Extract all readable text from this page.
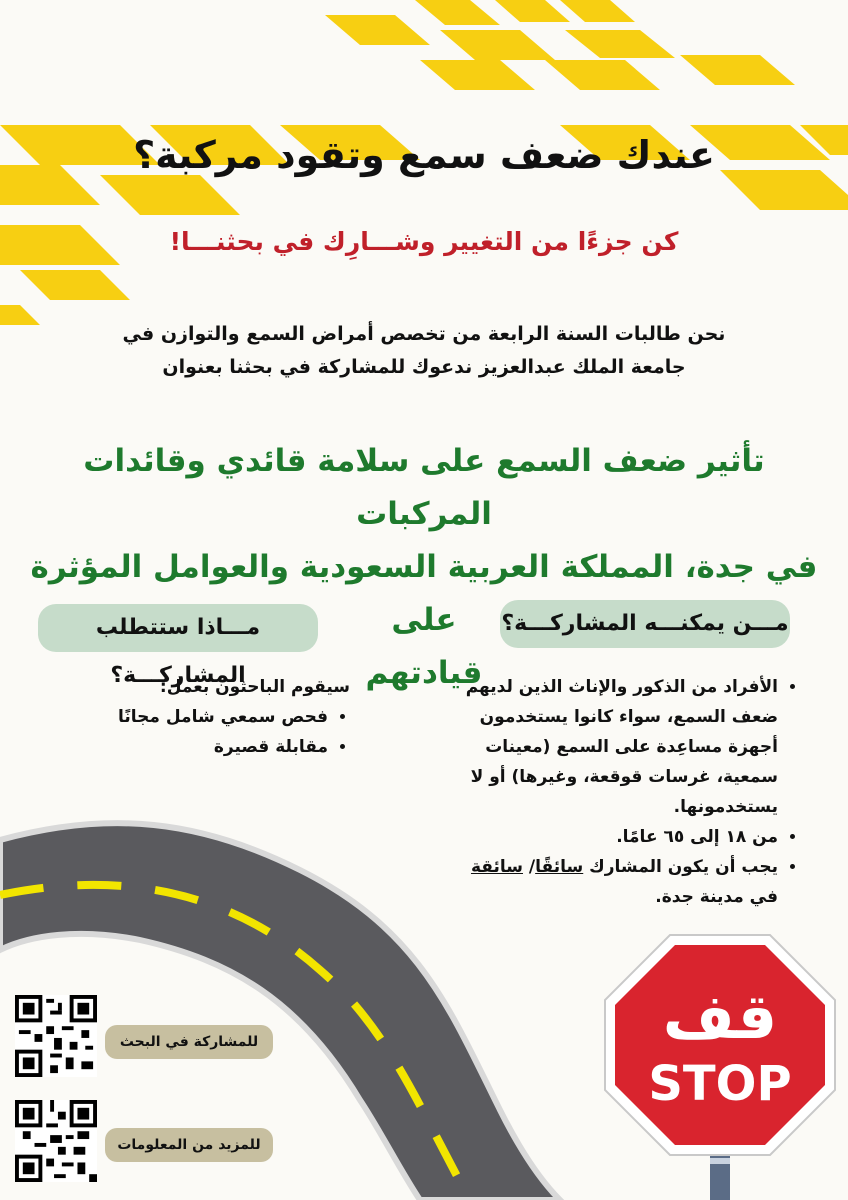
عندك ضعف سمع وتقود مركبة؟

كن جزءًا من التغيير وشـــارِك في بحثنـــا!

نحن طالبات السنة الرابعة من تخصص أمراض السمع والتوازن في
جامعة الملك عبدالعزيز ندعوك للمشاركة في بحثنا بعنوان
تأثير ضعف السمع على سلامة قائدي وقائدات المركبات
في جدة، المملكة العربية السعودية والعوامل المؤثرة على
قيادتهم
مـــن يمكنـــه المشاركـــة؟
مـــاذا ستتطلب المشاركـــة؟
•	الأفراد من الذكور والإناث الذين لديهم ضعف السمع، سواء كانوا يستخدمون أجهزة مساعِدة على السمع (معينات سمعية، غرسات قوقعة، وغيرها) أو لا يستخدمونها.
• من ١٨ إلى ٦٥ عامًا.
• يجب أن يكون المشارك سائقًا/ سائقة في مدينة جدة.
سيقوم الباحثون بعمل:
• فحص سمعي شامل مجانًا
• مقابلة قصيرة
للمشاركة في البحث
للمزيد من المعلومات
قف
STOP
